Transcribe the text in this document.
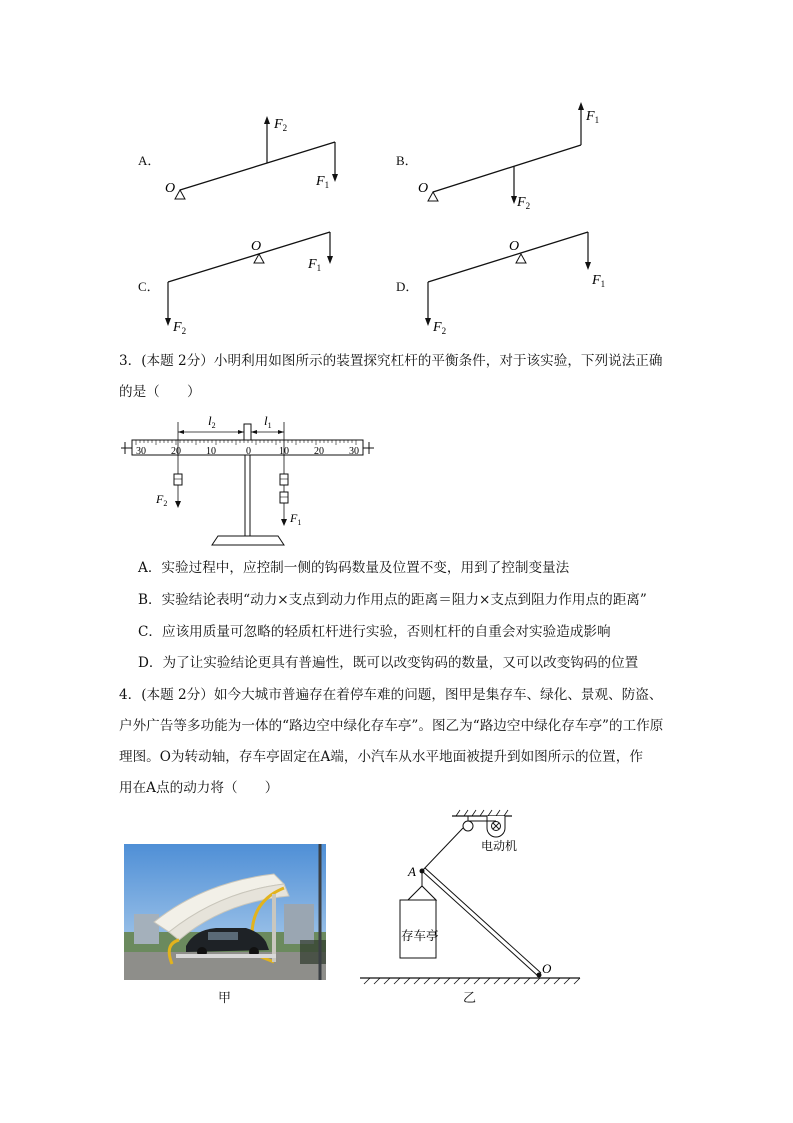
A．
$F_2$
$F_1$
O
B．
$F_1$
$F_2$
O
C．
O
$F_1$
$F_2$
D．
O
$F_1$
$F_2$
3．(本题 2分）小明利用如图所示的装置探究杠杆的平衡条件，对于该实验，下列说法正确
的是（　　）
30	20	10	0	10	20	30
$l_2$	$l_1$
$F_2$
$F_1$
A．实验过程中，应控制一侧的钩码数量及位置不变，用到了控制变量法
B．实验结论表明“动力×支点到动力作用点的距离＝阻力×支点到阻力作用点的距离”
C．应该用质量可忽略的轻质杠杆进行实验，否则杠杆的自重会对实验造成影响
D．为了让实验结论更具有普遍性，既可以改变钩码的数量，又可以改变钩码的位置
4．(本题 2分）如今大城市普遍存在着停车难的问题，图甲是集存车、绿化、景观、防盗、
户外广告等多功能为一体的“路边空中绿化存车亭”。图乙为“路边空中绿化存车亭”的工作原
理图。O为转动轴，存车亭固定在A端，小汽车从水平地面被提升到如图所示的位置，作
用在A点的动力将（　　）
甲
电动机
A
O
存车亭
乙
